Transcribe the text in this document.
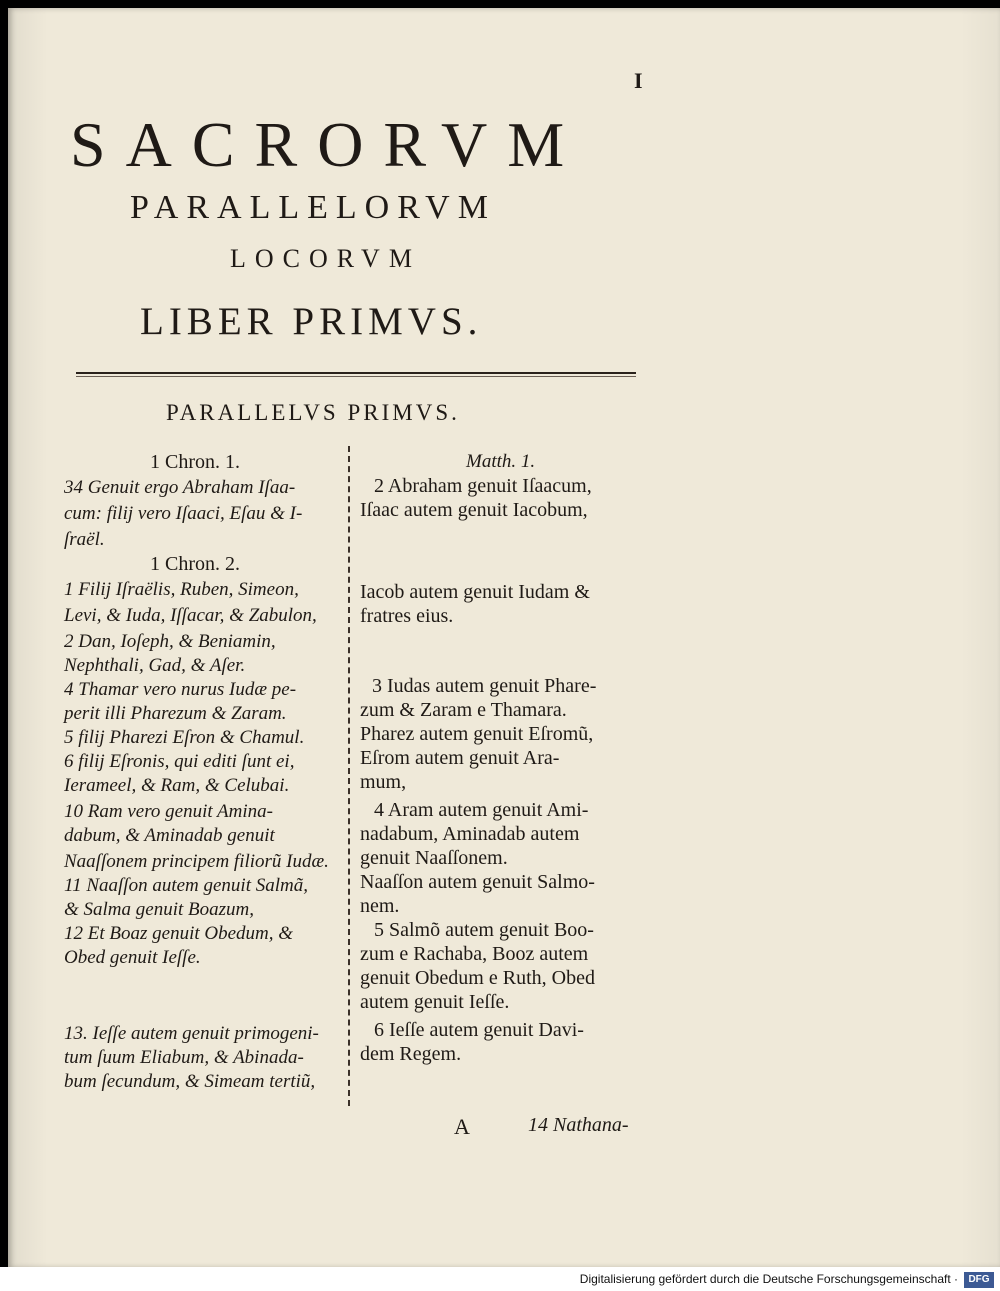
I
SACRORVM
PARALLELORVM
LOCORVM
LIBER PRIMVS.
PARALLELVS PRIMVS.
1 Chron. 1.
34 Genuit ergo Abraham Iſaa-
cum: filij vero Iſaaci, Eſau & I-
ſraël.
1 Chron. 2.
1 Filij Iſraëlis, Ruben, Simeon,
Levi, & Iuda, Iſſacar, & Zabulon,
2 Dan, Ioſeph, & Beniamin,
Nephthali, Gad, & Aſer.
4 Thamar vero nurus Iudæ pe-
perit illi Pharezum & Zaram.
5 filij Pharezi Eſron & Chamul.
6 filij Eſronis, qui editi ſunt ei,
Ierameel, & Ram, & Celubai.
10 Ram vero genuit Amina-
dabum, & Aminadab genuit
Naaſſonem principem filiorũ Iudæ.
11 Naaſſon autem genuit Salmã,
& Salma genuit Boazum,
12 Et Boaz genuit Obedum, &
Obed genuit Ieſſe.
13. Ieſſe autem genuit primogeni-
tum ſuum Eliabum, & Abinada-
bum ſecundum, & Simeam tertiũ,
Matth. 1.
2 Abraham genuit Iſaacum,
Iſaac autem genuit Iacobum,
Iacob autem genuit Iudam &
fratres eius.
3 Iudas autem genuit Phare-
zum & Zaram e Thamara.
Pharez autem genuit Eſromũ,
Eſrom autem genuit Ara-
mum,
4 Aram autem genuit Ami-
nadabum, Aminadab autem
genuit Naaſſonem.
Naaſſon autem genuit Salmo-
nem.
5 Salmõ autem genuit Boo-
zum e Rachaba, Booz autem
genuit Obedum e Ruth, Obed
autem genuit Ieſſe.
6 Ieſſe autem genuit Davi-
dem Regem.
A	14 Nathana-
Digitalisierung gefördert durch die Deutsche Forschungsgemeinschaft · DFG
